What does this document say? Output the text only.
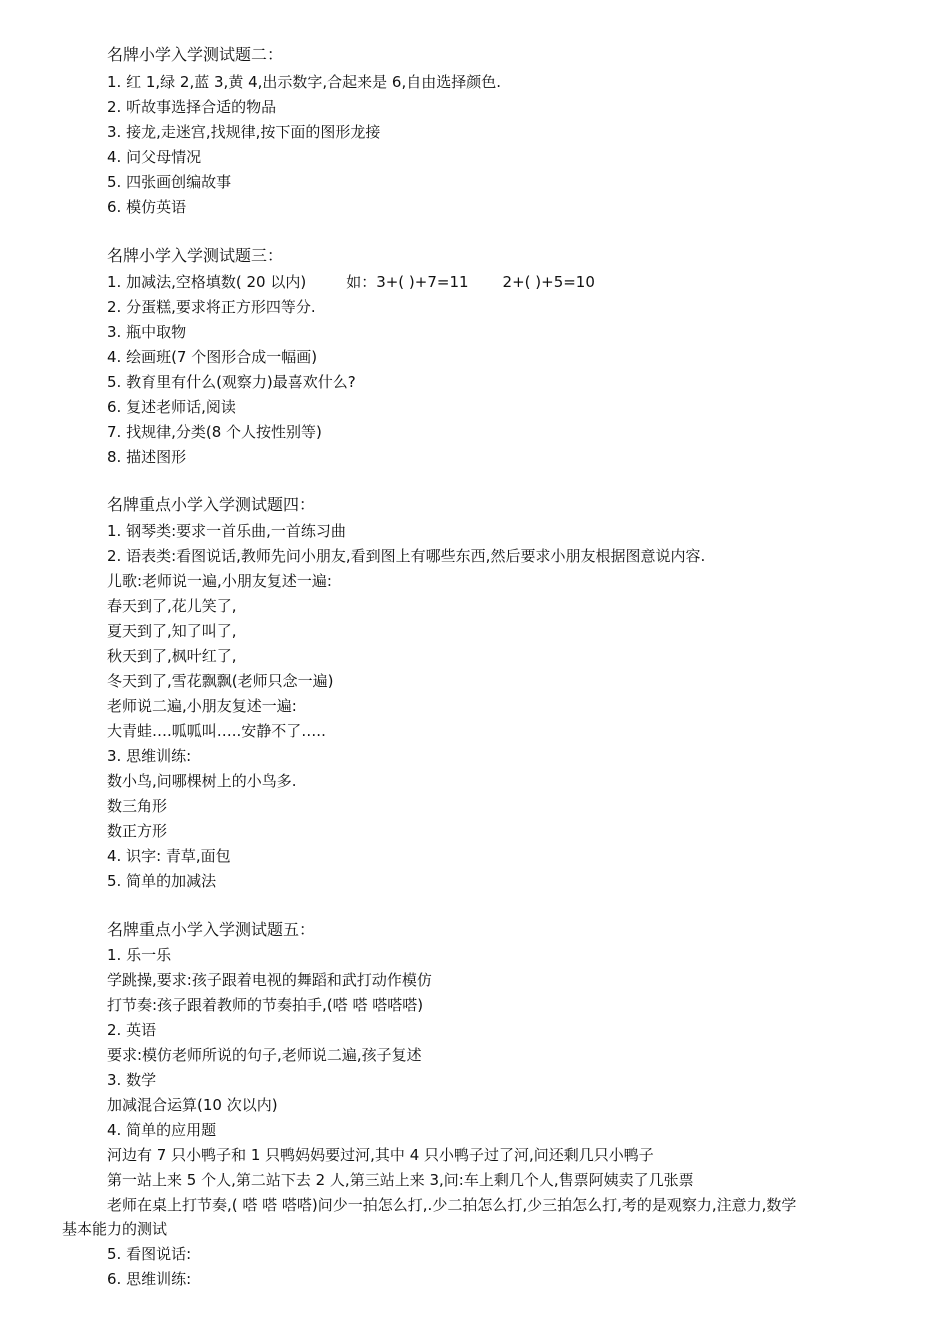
名牌小学入学测试题二：
1. 红 1,绿 2,蓝 3,黄 4,出示数字,合起来是 6,自由选择颜色.
2. 听故事选择合适的物品
3. 接龙,走迷宫,找规律,按下面的图形龙接
4. 问父母情况
5. 四张画创编故事
6. 模仿英语
名牌小学入学测试题三：
1. 加减法,空格填数( 20 以内)	如：3+( )+7=11 2+( )+5=10
2. 分蛋糕,要求将正方形四等分.
3. 瓶中取物
4. 绘画班(7 个图形合成一幅画)
5. 教育里有什么(观察力)最喜欢什么?
6. 复述老师话,阅读
7. 找规律,分类(8 个人按性别等)
8. 描述图形
名牌重点小学入学测试题四：
1. 钢琴类:要求一首乐曲,一首练习曲
2. 语表类:看图说话,教师先问小朋友,看到图上有哪些东西,然后要求小朋友根据图意说内容.
儿歌:老师说一遍,小朋友复述一遍:
春天到了,花儿笑了,
夏天到了,知了叫了,
秋天到了,枫叶红了,
冬天到了,雪花飘飘(老师只念一遍)
老师说二遍,小朋友复述一遍:
大青蛙….呱呱叫…..安静不了…..
3. 思维训练:
数小鸟,问哪棵树上的小鸟多.
数三角形
数正方形
4. 识字: 青草,面包
5. 简单的加减法
名牌重点小学入学测试题五：
1. 乐一乐
学跳操,要求:孩子跟着电视的舞蹈和武打动作模仿
打节奏:孩子跟着教师的节奏拍手,(嗒 嗒 嗒嗒嗒)
2. 英语
要求:模仿老师所说的句子,老师说二遍,孩子复述
3. 数学
加减混合运算(10 次以内)
4. 简单的应用题
河边有 7 只小鸭子和 1 只鸭妈妈要过河,其中 4 只小鸭子过了河,问还剩几只小鸭子
第一站上来 5 个人,第二站下去 2 人,第三站上来 3,问:车上剩几个人,售票阿姨卖了几张票
老师在桌上打节奏,( 嗒 嗒 嗒嗒)问少一拍怎么打,.少二拍怎么打,少三拍怎么打,考的是观察力,注意力,数学
基本能力的测试
5. 看图说话:
6. 思维训练:
